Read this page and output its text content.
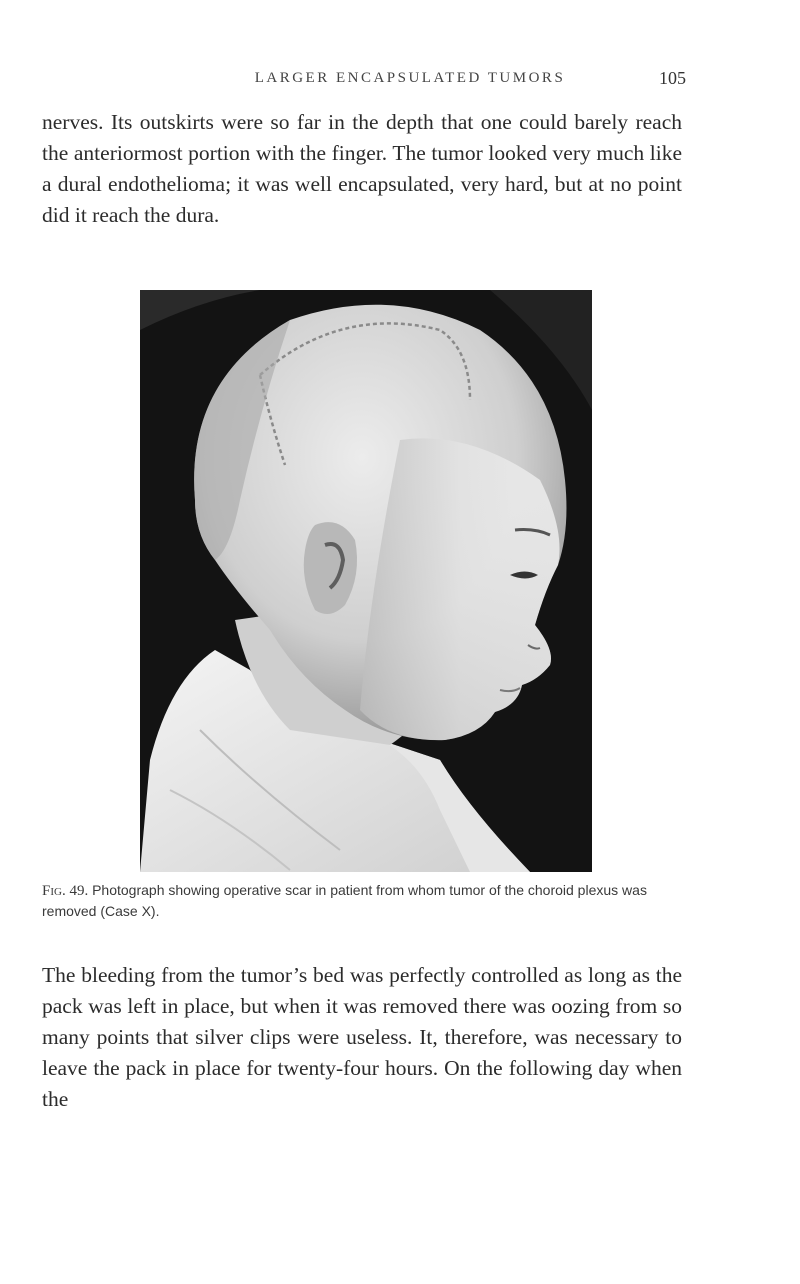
LARGER ENCAPSULATED TUMORS	105

nerves. Its outskirts were so far in the depth that one could barely reach the anteriormost portion with the finger. The tumor looked very much like a dural endothelioma; it was well encapsulated, very hard, but at no point did it reach the dura.

Fig. 49. Photograph showing operative scar in patient from whom tumor of the choroid plexus was removed (Case X).

The bleeding from the tumor’s bed was perfectly controlled as long as the pack was left in place, but when it was removed there was oozing from so many points that silver clips were useless. It, therefore, was necessary to leave the pack in place for twenty-four hours. On the following day when the
